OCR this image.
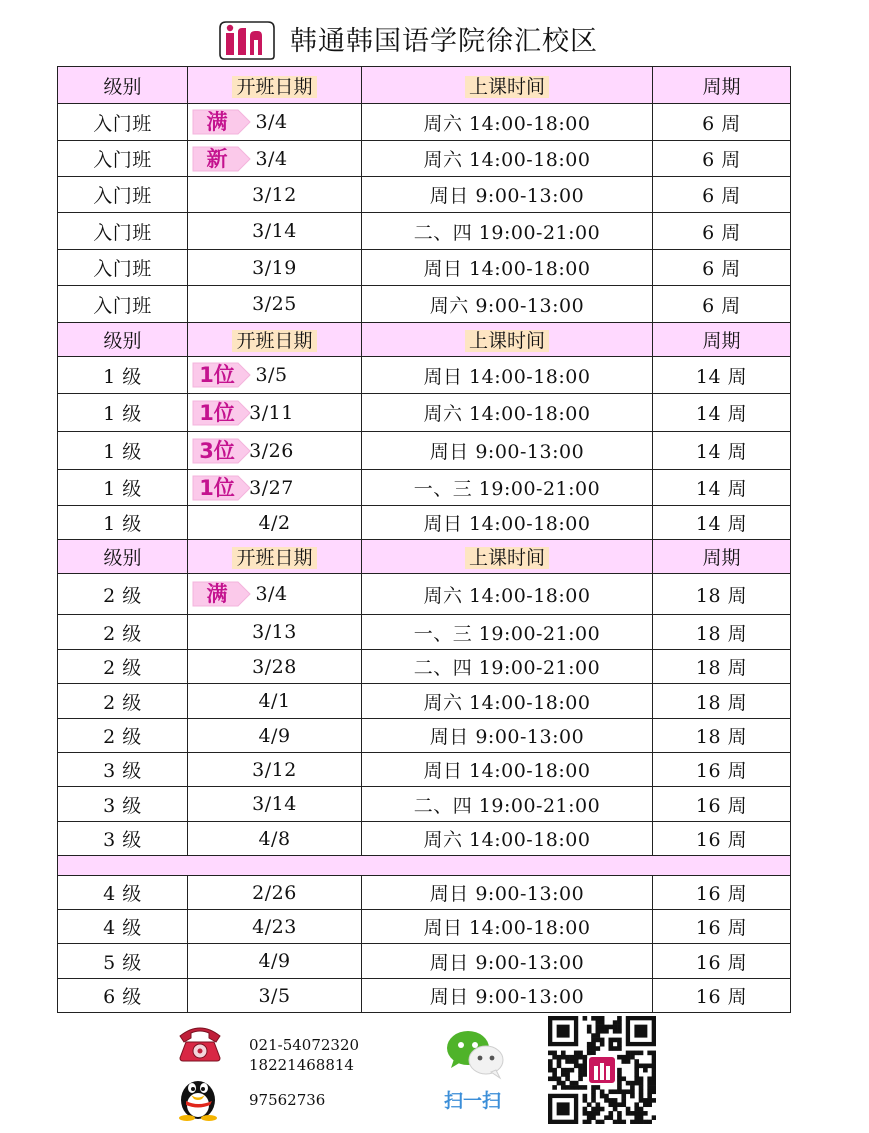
韩通韩国语学院徐汇校区
级别	开班日期	上课时间	周期
入门班	满 3/4	周六 14:00-18:00	6 周
入门班	新 3/4	周六 14:00-18:00	6 周
入门班	3/12	周日 9:00-13:00	6 周
入门班	3/14	二、四 19:00-21:00	6 周
入门班	3/19	周日 14:00-18:00	6 周
入门班	3/25	周六 9:00-13:00	6 周
级别	开班日期	上课时间	周期
1 级	1位 3/5	周日 14:00-18:00	14 周
1 级	1位 3/11	周六 14:00-18:00	14 周
1 级	3位 3/26	周日 9:00-13:00	14 周
1 级	1位 3/27	一、三 19:00-21:00	14 周
1 级	4/2	周日 14:00-18:00	14 周
级别	开班日期	上课时间	周期
2 级	满 3/4	周六 14:00-18:00	18 周
2 级	3/13	一、三 19:00-21:00	18 周
2 级	3/28	二、四 19:00-21:00	18 周
2 级	4/1	周六 14:00-18:00	18 周
2 级	4/9	周日 9:00-13:00	18 周
3 级	3/12	周日 14:00-18:00	16 周
3 级	3/14	二、四 19:00-21:00	16 周
3 级	4/8	周六 14:00-18:00	16 周

4 级	2/26	周日 9:00-13:00	16 周
4 级	4/23	周日 14:00-18:00	16 周
5 级	4/9	周日 9:00-13:00	16 周
6 级	3/5	周日 9:00-13:00	16 周
021-54072320
18221468814
97562736	扫一扫
